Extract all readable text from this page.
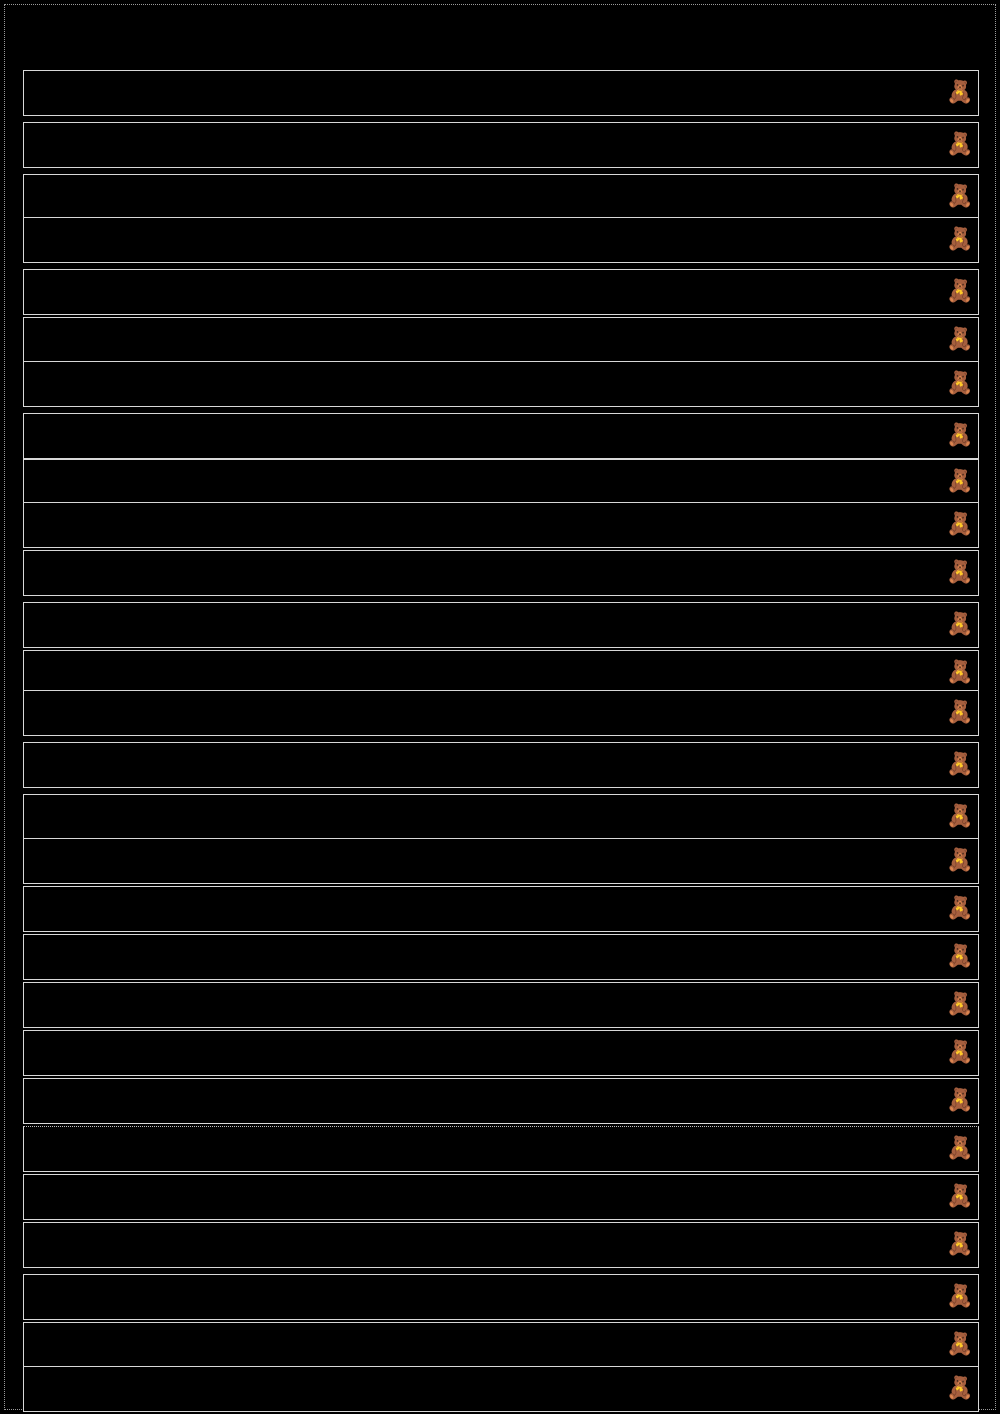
🧸
🧸
🧸
🧸
🧸
🧸
🧸
🧸
🧸
🧸
🧸
🧸
🧸
🧸
🧸
🧸
🧸
🧸
🧸
🧸
🧸
🧸
🧸
🧸
🧸
🧸
🧸
🧸
